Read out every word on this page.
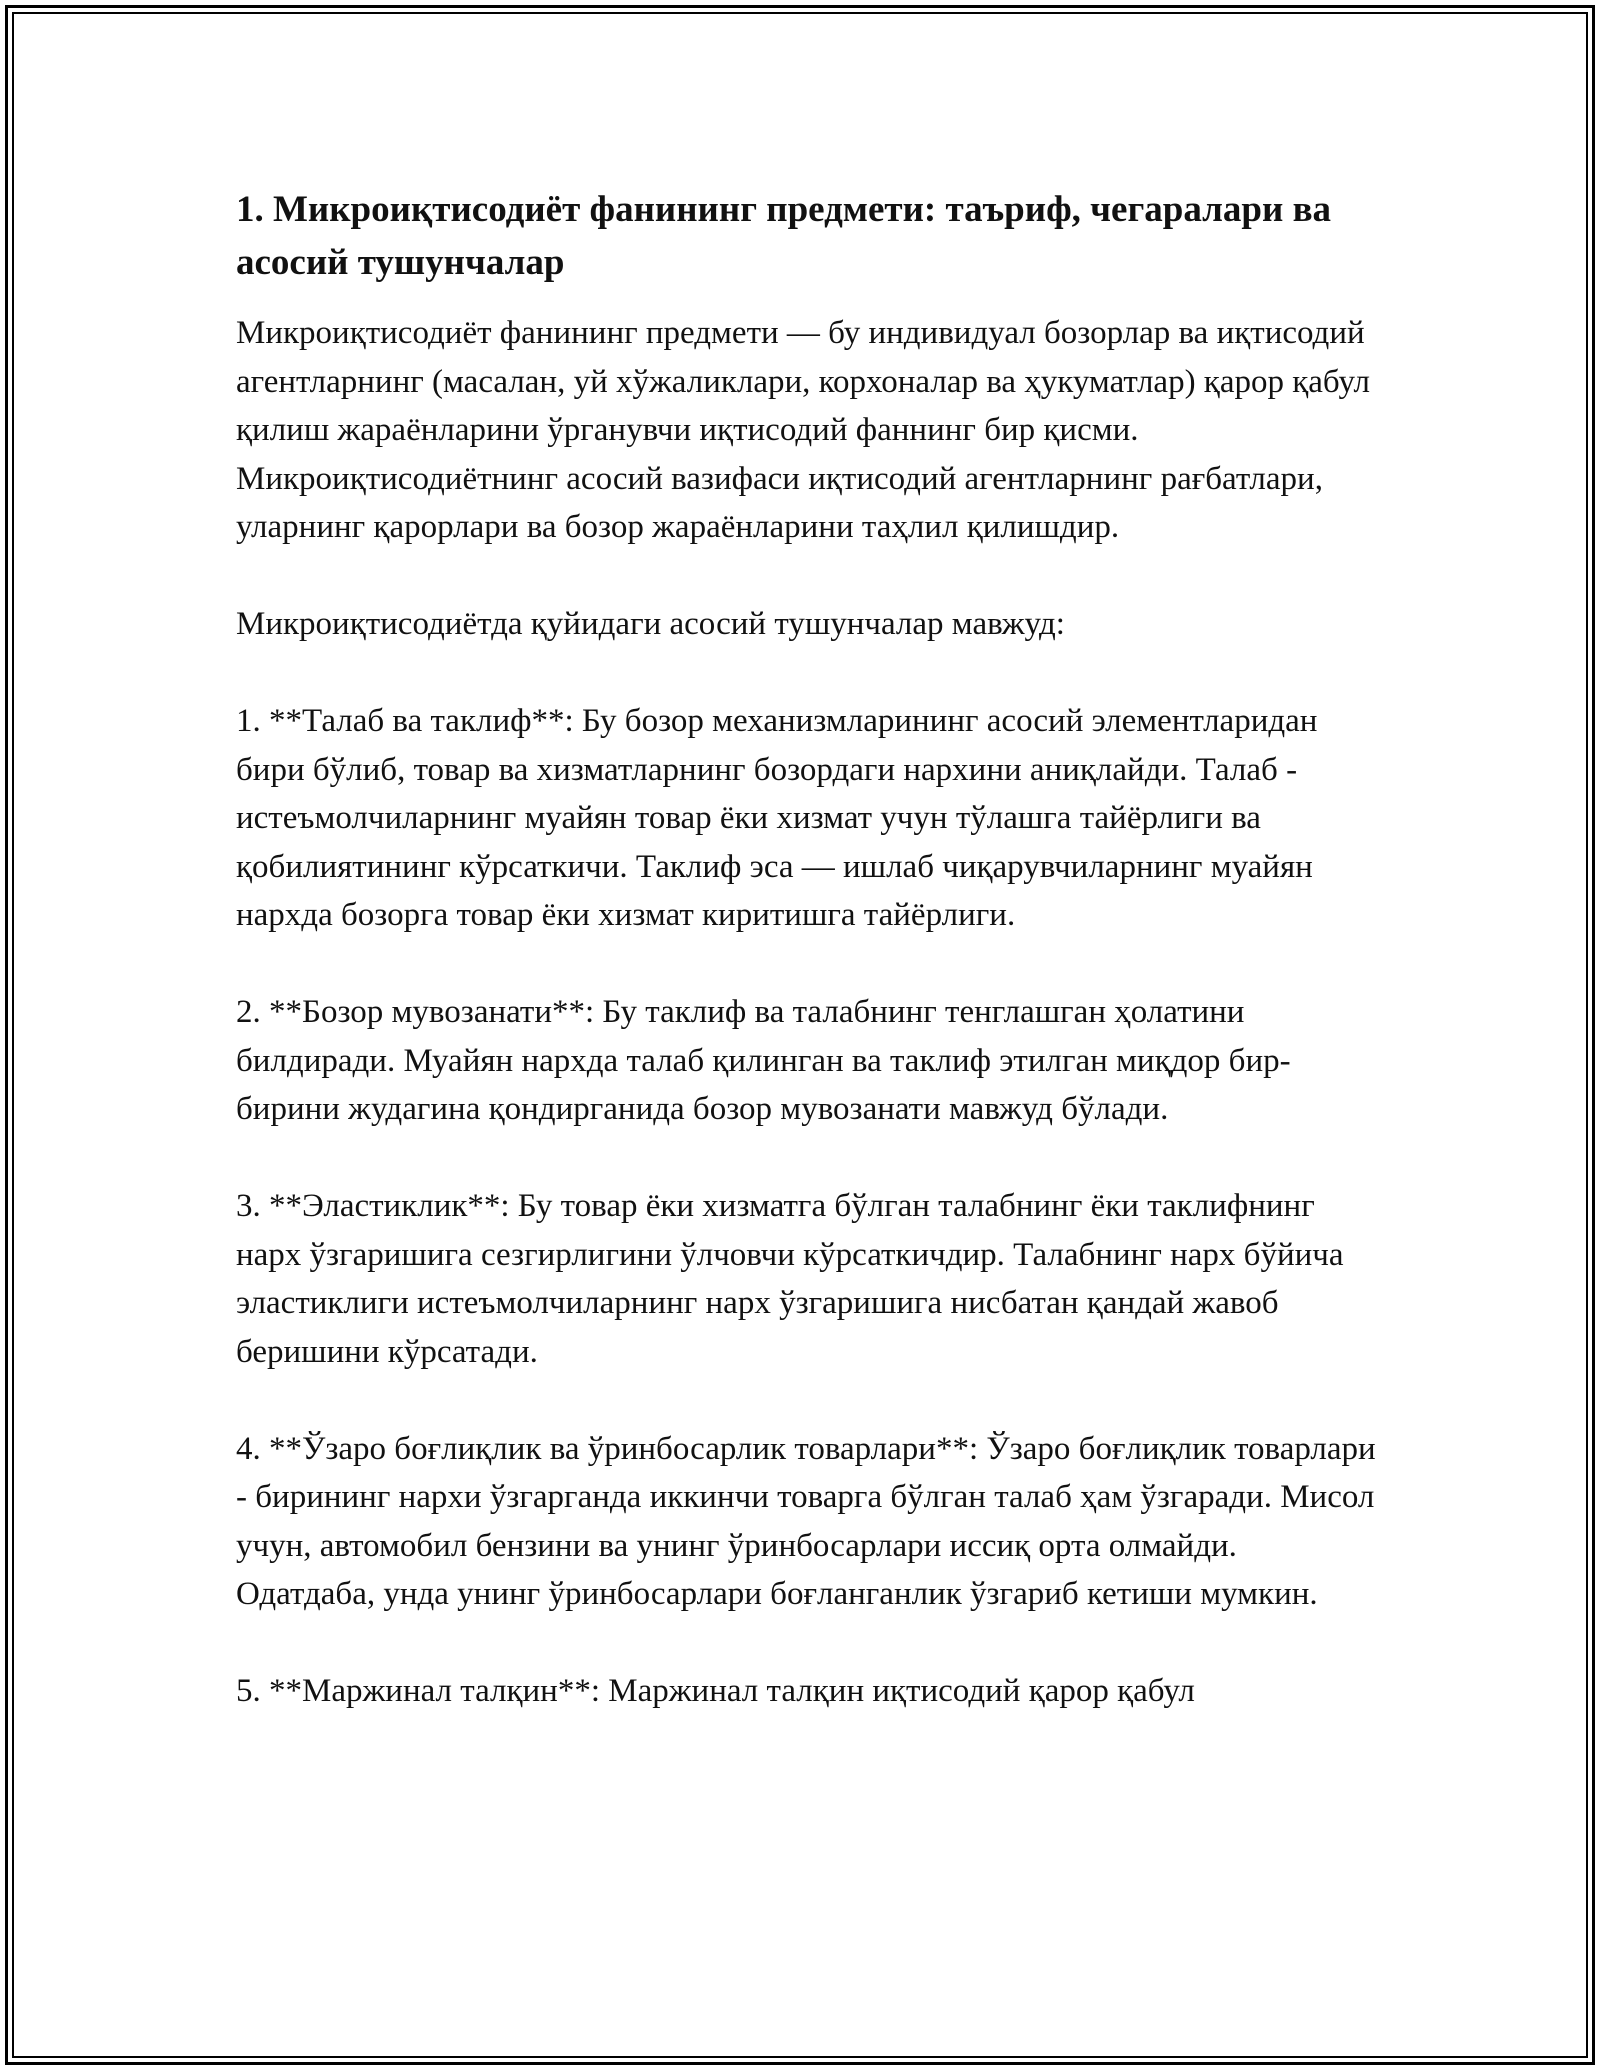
1. Микроиқтисодиёт фанининг предмети: таъриф, чегаралари ва асосий тушунчалар

Микроиқтисодиёт фанининг предмети — бу индивидуал бозорлар ва иқтисодий агентларнинг (масалан, уй хўжаликлари, корхоналар ва ҳукуматлар) қарор қабул қилиш жараёнларини ўрганувчи иқтисодий фаннинг бир қисми. Микроиқтисодиётнинг асосий вазифаси иқтисодий агентларнинг рағбатлари, уларнинг қарорлари ва бозор жараёнларини таҳлил қилишдир.

Микроиқтисодиётда қуйидаги асосий тушунчалар мавжуд:

1. **Талаб ва таклиф**: Бу бозор механизмларининг асосий элементларидан бири бўлиб, товар ва хизматларнинг бозордаги нархини аниқлайди. Талаб - истеъмолчиларнинг муайян товар ёки хизмат учун тўлашга тайёрлиги ва қобилиятининг кўрсаткичи. Таклиф эса — ишлаб чиқарувчиларнинг муайян нархда бозорга товар ёки хизмат киритишга тайёрлиги.

2. **Бозор мувозанати**: Бу таклиф ва талабнинг тенглашган ҳолатини билдиради. Муайян нархда талаб қилинган ва таклиф этилган миқдор бир-бирини жудагина қондирганида бозор мувозанати мавжуд бўлади.

3. **Эластиклик**: Бу товар ёки хизматга бўлган талабнинг ёки таклифнинг нарх ўзгаришига сезгирлигини ўлчовчи кўрсаткичдир. Талабнинг нарх бўйича эластиклиги истеъмолчиларнинг нарх ўзгаришига нисбатан қандай жавоб беришини кўрсатади.

4. **Ўзаро боғлиқлик ва ўринбосарлик товарлари**: Ўзаро боғлиқлик товарлари - бирининг нархи ўзгарганда иккинчи товарга бўлган талаб ҳам ўзгаради. Мисол учун, автомобил бензини ва унинг ўринбосарлари иссиқ орта олмайди. Одатдаба, унда унинг ўринбосарлари боғланганлик ўзгариб кетиши мумкин.

5. **Маржинал талқин**: Маржинал талқин иқтисодий қарор қабул
